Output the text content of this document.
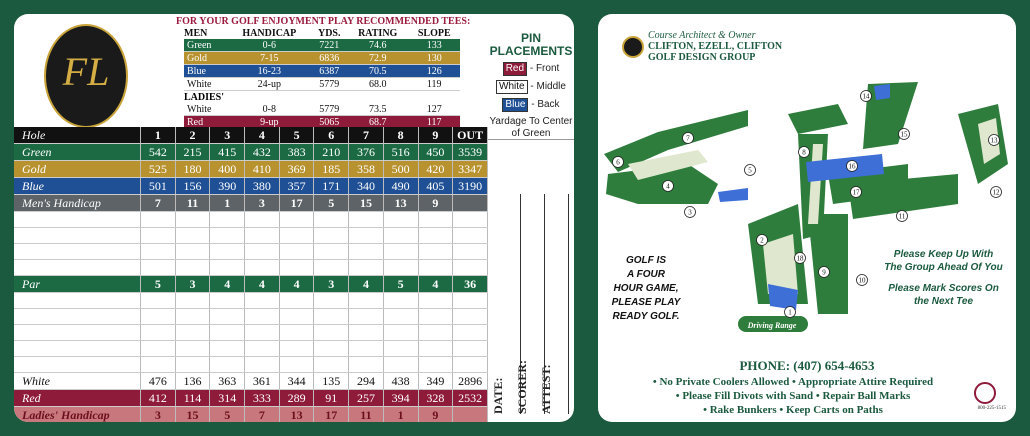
FL
FOR YOUR GOLF ENJOYMENT PLAY RECOMMENDED TEES:
MEN	HANDICAP	YDS.	RATING	SLOPE
Green	0-6	7221	74.6	133
Gold	7-15	6836	72.9	130
Blue	16-23	6387	70.5	126
White	24-up	5779	68.0	119
LADIES'				
White	0-8	5779	73.5	127
Red	9-up	5065	68.7	117
PIN PLACEMENTS
Red - Front
White - Middle
Blue - Back
Yardage To Center of Green
Hole	1	2	3	4	5	6	7	8	9	OUT
Green	542	215	415	432	383	210	376	516	450	3539
Gold	525	180	400	410	369	185	358	500	420	3347
Blue	501	156	390	380	357	171	340	490	405	3190
Men's Handicap	7	11	1	3	17	5	15	13	9	

Par	5	3	4	4	4	3	4	5	4	36

White	476	136	363	361	344	135	294	438	349	2896
Red	412	114	314	333	289	91	257	394	328	2532
Ladies' Handicap	3	15	5	7	13	17	11	1	9	
DATE: SCORER: ATTEST:
Course Architect & Owner
CLIFTON, EZELL, CLIFTON
GOLF DESIGN GROUP
Driving Range
1
2
3
4
5
6
7
8
9
10
11
12
13
14
15
16
17
18
GOLF IS
A FOUR
HOUR GAME,
PLEASE PLAY
READY GOLF.
Please Keep Up With
The Group Ahead Of You
Please Mark Scores On
the Next Tee
PHONE: (407) 654-4653
• No Private Coolers Allowed • Appropriate Attire Required
• Please Fill Divots with Sand • Repair Ball Marks
• Rake Bunkers • Keep Carts on Paths	800-225-1515
